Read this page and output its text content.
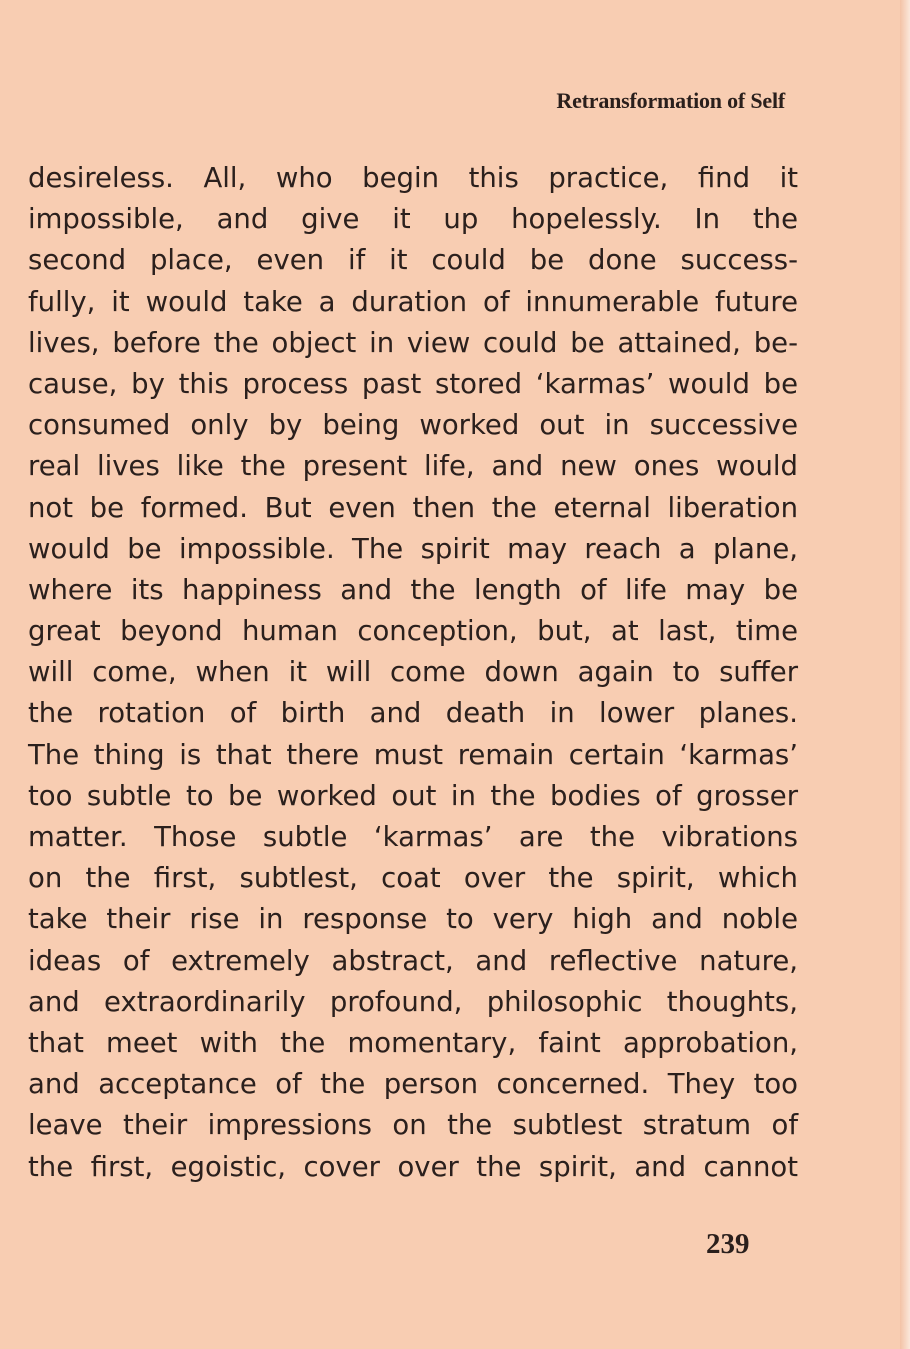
Retransformation of Self
desireless. All, who begin this practice, find it
impossible, and give it up hopelessly. In the
second place, even if it could be done success-
fully, it would take a duration of innumerable future
lives, before the object in view could be attained, be-
cause, by this process past stored ‘karmas’ would be
consumed only by being worked out in successive
real lives like the present life, and new ones would
not be formed. But even then the eternal liberation
would be impossible. The spirit may reach a plane,
where its happiness and the length of life may be
great beyond human conception, but, at last, time
will come, when it will come down again to suffer
the rotation of birth and death in lower planes.
The thing is that there must remain certain ‘karmas’
too subtle to be worked out in the bodies of grosser
matter. Those subtle ‘karmas’ are the vibrations
on the first, subtlest, coat over the spirit, which
take their rise in response to very high and noble
ideas of extremely abstract, and reflective nature,
and extraordinarily profound, philosophic thoughts,
that meet with the momentary, faint approbation,
and acceptance of the person concerned. They too
leave their impressions on the subtlest stratum of
the first, egoistic, cover over the spirit, and cannot
239
